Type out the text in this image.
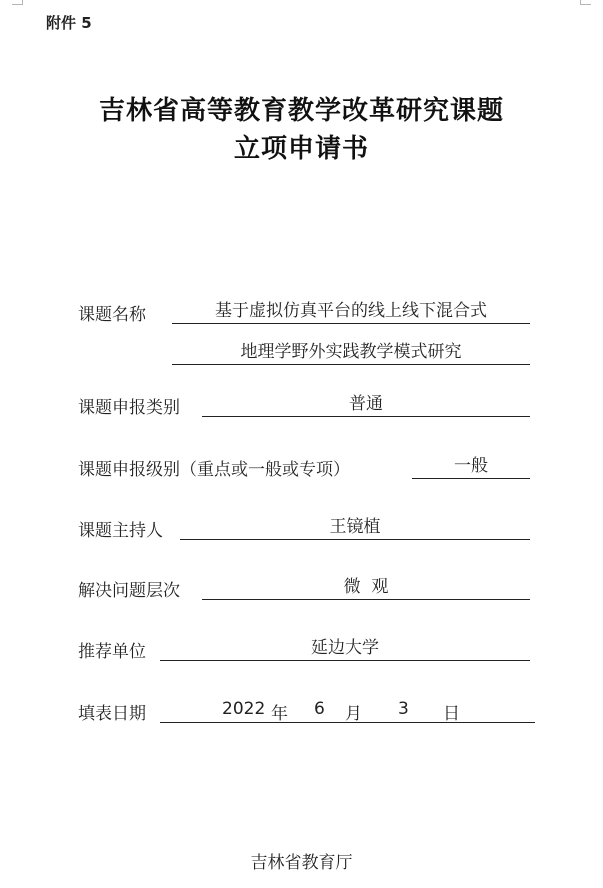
附件 5
吉林省高等教育教学改革研究课题
立项申请书
课题名称	基于虚拟仿真平台的线上线下混合式
地理学野外实践教学模式研究
课题申报类别	普通
课题申报级别（重点或一般或专项）	一般
课题主持人	王镜植
解决问题层次	微  观
推荐单位	延边大学
填表日期	2022 年 6 月 3 日
吉林省教育厅
